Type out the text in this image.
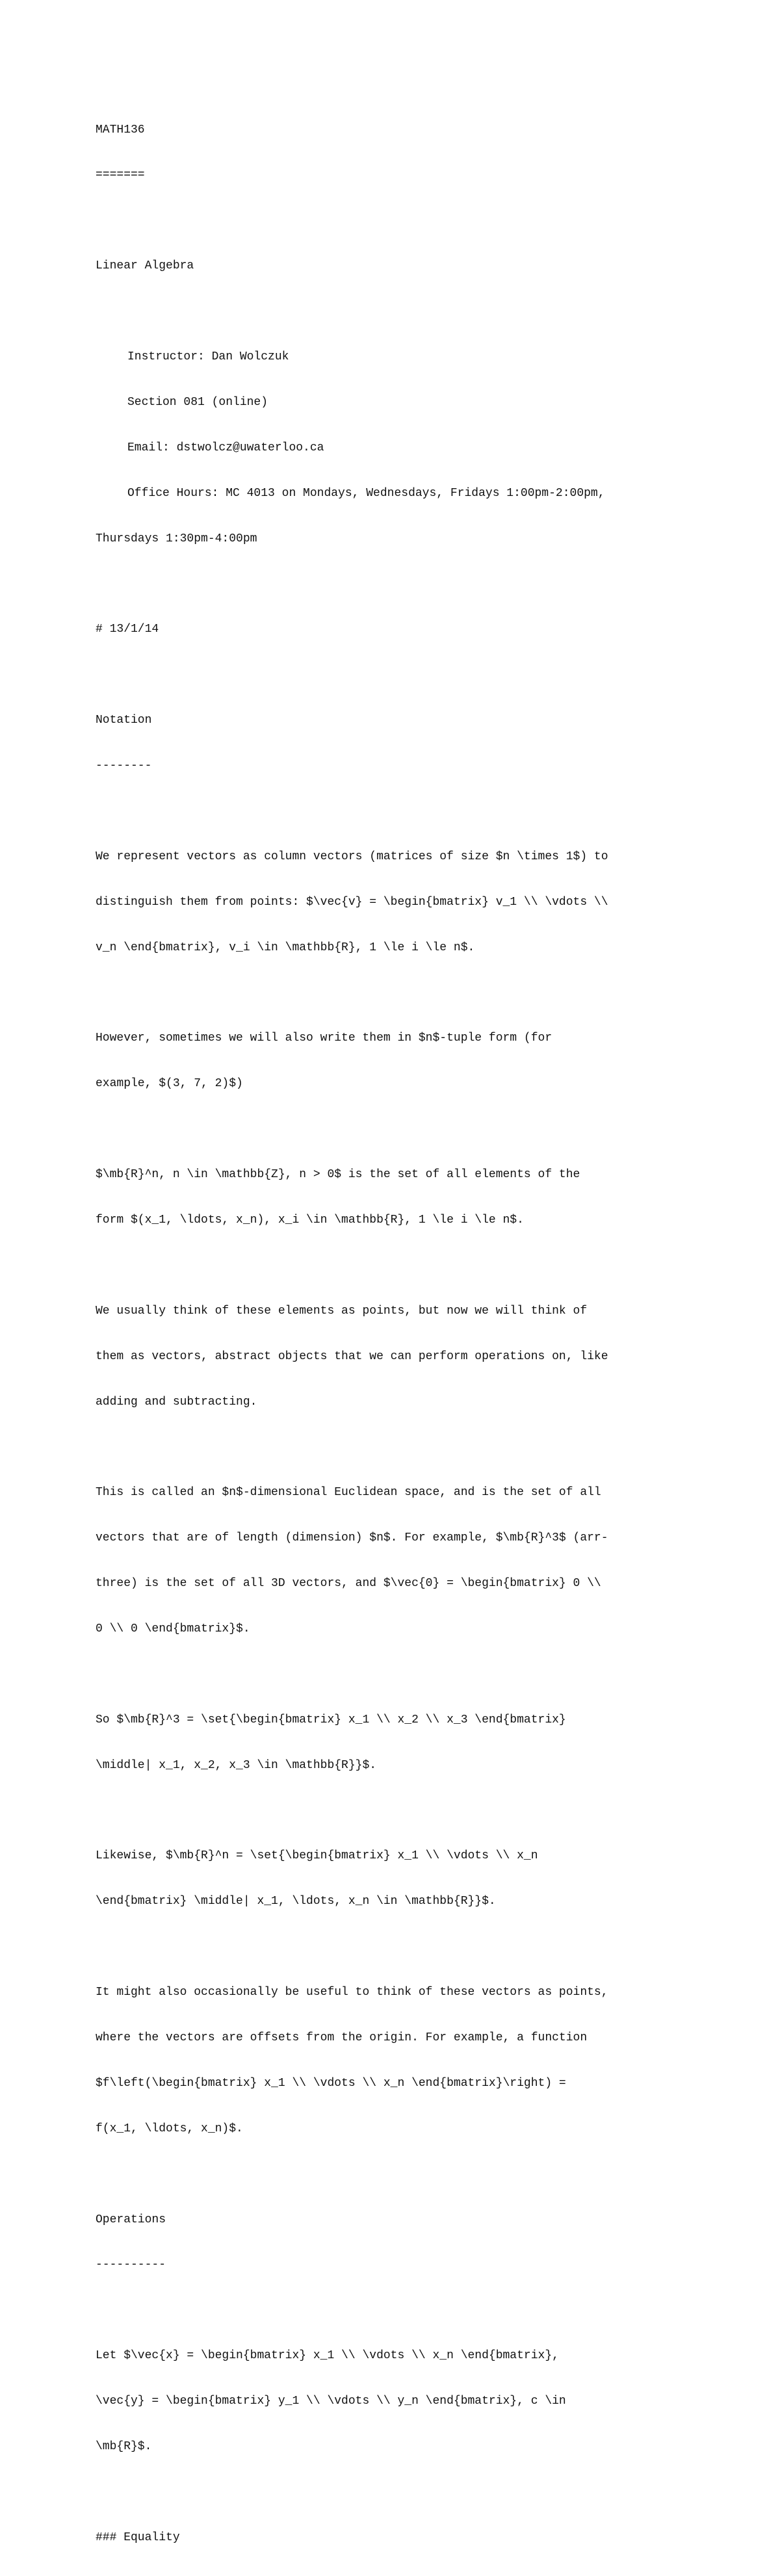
MATH136

=======

Linear Algebra

Instructor: Dan Wolczuk

Section 081 (online)

Email: dstwolcz@uwaterloo.ca

Office Hours: MC 4013 on Mondays, Wednesdays, Fridays 1:00pm-2:00pm,

Thursdays 1:30pm-4:00pm

# 13/1/14

Notation

--------

We represent vectors as column vectors (matrices of size $n \times 1$) to

distinguish them from points: $\vec{v} = \begin{bmatrix} v_1 \\ \vdots \\

v_n \end{bmatrix}, v_i \in \mathbb{R}, 1 \le i \le n$.

However, sometimes we will also write them in $n$-tuple form (for

example, $(3, 7, 2)$)

$\mb{R}^n, n \in \mathbb{Z}, n > 0$ is the set of all elements of the

form $(x_1, \ldots, x_n), x_i \in \mathbb{R}, 1 \le i \le n$.

We usually think of these elements as points, but now we will think of

them as vectors, abstract objects that we can perform operations on, like

adding and subtracting.

This is called an $n$-dimensional Euclidean space, and is the set of all

vectors that are of length (dimension) $n$. For example, $\mb{R}^3$ (arr-

three) is the set of all 3D vectors, and $\vec{0} = \begin{bmatrix} 0 \\

0 \\ 0 \end{bmatrix}$.

So $\mb{R}^3 = \set{\begin{bmatrix} x_1 \\ x_2 \\ x_3 \end{bmatrix}

\middle| x_1, x_2, x_3 \in \mathbb{R}}$.

Likewise, $\mb{R}^n = \set{\begin{bmatrix} x_1 \\ \vdots \\ x_n

\end{bmatrix} \middle| x_1, \ldots, x_n \in \mathbb{R}}$.

It might also occasionally be useful to think of these vectors as points,

where the vectors are offsets from the origin. For example, a function

$f\left(\begin{bmatrix} x_1 \\ \vdots \\ x_n \end{bmatrix}\right) =

f(x_1, \ldots, x_n)$.

Operations

----------

Let $\vec{x} = \begin{bmatrix} x_1 \\ \vdots \\ x_n \end{bmatrix},

\vec{y} = \begin{bmatrix} y_1 \\ \vdots \\ y_n \end{bmatrix}, c \in

\mb{R}$.

### Equality
